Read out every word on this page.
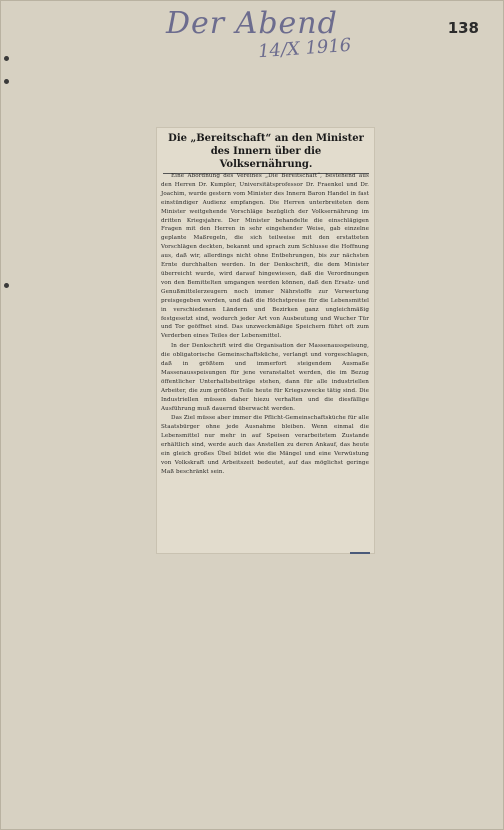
Der Abend
14/X 1916
138
Die „Bereitschaft“ an den Minister des Innern über die Volksernährung.

Eine Abordnung des Vereines „Die Bereitschaft“, bestehend aus den Herren Dr. Kumpler, Universitätsprofessor Dr. Fraenkel und Dr. Joachim, wurde gestern vom Minister des Innern Baron Handel in fast einstündiger Audienz empfangen. Die Herren unterbreiteten dem Minister weitgehende Vorschläge bezüglich der Volksernährung im dritten Kriegsjahre. Der Minister behandelte die einschlägigen Fragen mit den Herren in sehr eingehender Weise, gab einzelne geplante Maßregeln, die sich teilweise mit den erstatteten Vorschlägen deckten, bekannt und sprach zum Schlusse die Hoffnung aus, daß wir, allerdings nicht ohne Entbehrungen, bis zur nächsten Ernte durchhalten werden. In der Denkschrift, die dem Minister überreicht wurde, wird darauf hingewiesen, daß die Verordnungen von den Bemittelten umgangen werden können, daß den Ersatz- und Genußmittelerzeugern noch immer Nährstoffe zur Verwertung preisgegeben werden, und daß die Höchstpreise für die Lebensmittel in verschiedenen Ländern und Bezirken ganz ungleichmäßig festgesetzt sind, wodurch jeder Art von Ausbeutung und Wucher Tür und Tor geöffnet sind. Das unzweckmäßige Speichern führt oft zum Verderben eines Teiles der Lebensmittel.

In der Denkschrift wird die Organisation der Massenausspeisung, die obligatorische Gemeinschaftsküche, verlangt und vorgeschlagen, daß in größtem und immerfort steigendem Ausmaße Massenausspeisungen für jene veranstaltet werden, die im Bezug öffentlicher Unterhaltsbeiträge stehen, dann für alle industriellen Arbeiter, die zum größten Teile heute für Kriegszwecke tätig sind. Die Industriellen müssen daher hiezu verhalten und die diesfällige Ausführung muß dauernd überwacht werden.

Das Ziel müsse aber immer die Pflicht-Gemeinschaftsküche für alle Staatsbürger ohne jede Ausnahme bleiben. Wenn einmal die Lebensmittel nur mehr in auf Speisen verarbeitetem Zustande erhältlich sind, werde auch das Anstellen zu deren Ankauf, das heute ein gleich großes Übel bildet wie die Mängel und eine Verwüstung von Volkskraft und Arbeitszeit bedeutet, auf das möglichst geringe Maß beschränkt sein.
